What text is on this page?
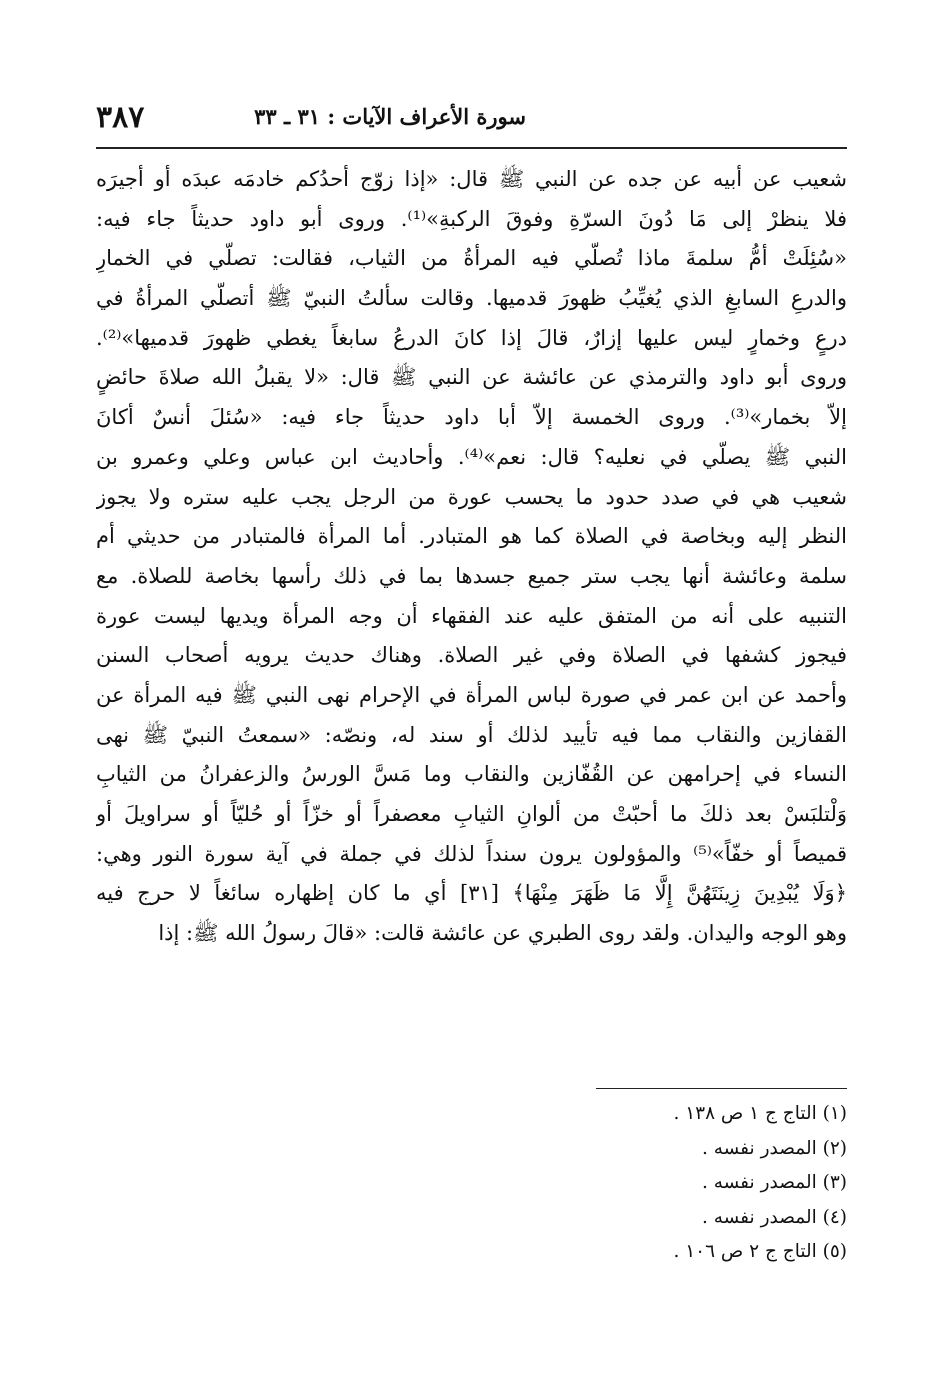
٣٨٧	سورة الأعراف الآيات : ٣١ ـ ٣٣
شعيب عن أبيه عن جده عن النبي ﷺ قال: «إذا زوّج أحدُكم خادمَه عبدَه أو أجيرَه
فلا ينظرْ إلى مَا دُونَ السرّةِ وفوقَ الركبةِ»⁽¹⁾. وروى أبو داود حديثاً جاء فيه:
«سُئِلَتْ أمُّ سلمةَ ماذا تُصلّي فيه المرأةُ من الثياب، فقالت: تصلّي في الخمارِ
والدرعِ السابغِ الذي يُغيِّبُ ظهورَ قدميها. وقالت سألتُ النبيّ ﷺ أتصلّي المرأةُ في
درعٍ وخمارٍ ليس عليها إزارٌ، قالَ إذا كانَ الدرعُ سابغاً يغطي ظهورَ قدميها»⁽²⁾.
وروى أبو داود والترمذي عن عائشة عن النبي ﷺ قال: «لا يقبلُ الله صلاةَ حائضٍ
إلاّ بخمار»⁽³⁾. وروى الخمسة إلاّ أبا داود حديثاً جاء فيه: «سُئلَ أنسٌ أكانَ
النبي ﷺ يصلّي في نعليه؟ قال: نعم»⁽⁴⁾. وأحاديث ابن عباس وعلي وعمرو بن
شعيب هي في صدد حدود ما يحسب عورة من الرجل يجب عليه ستره ولا يجوز
النظر إليه وبخاصة في الصلاة كما هو المتبادر. أما المرأة فالمتبادر من حديثي أم
سلمة وعائشة أنها يجب ستر جميع جسدها بما في ذلك رأسها بخاصة للصلاة. مع
التنبيه على أنه من المتفق عليه عند الفقهاء أن وجه المرأة ويديها ليست عورة
فيجوز كشفها في الصلاة وفي غير الصلاة. وهناك حديث يرويه أصحاب السنن
وأحمد عن ابن عمر في صورة لباس المرأة في الإحرام نهى النبي ﷺ فيه المرأة عن
القفازين والنقاب مما فيه تأييد لذلك أو سند له، ونصّه: «سمعتُ النبيّ ﷺ نهى
النساء في إحرامهن عن القُفّازين والنقاب وما مَسَّ الورسُ والزعفرانُ من الثيابِ
وَلْتلبَسْ بعد ذلكَ ما أحبّتْ من ألوانِ الثيابِ معصفراً أو خزّاً أو حُليّاً أو سراويلَ أو
قميصاً أو خفّاً»⁽⁵⁾ والمؤولون يرون سنداً لذلك في جملة في آية سورة النور وهي:
﴿وَلَا يُبْدِينَ زِينَتَهُنَّ إِلَّا مَا ظَهَرَ مِنْهَا﴾ [٣١] أي ما كان إظهاره سائغاً لا حرج فيه
وهو الوجه واليدان. ولقد روى الطبري عن عائشة قالت: «قالَ رسولُ الله ﷺ: إذا
(١) التاج ج ١ ص ١٣٨ .
(٢) المصدر نفسه .
(٣) المصدر نفسه .
(٤) المصدر نفسه .
(٥) التاج ج ٢ ص ١٠٦ .
